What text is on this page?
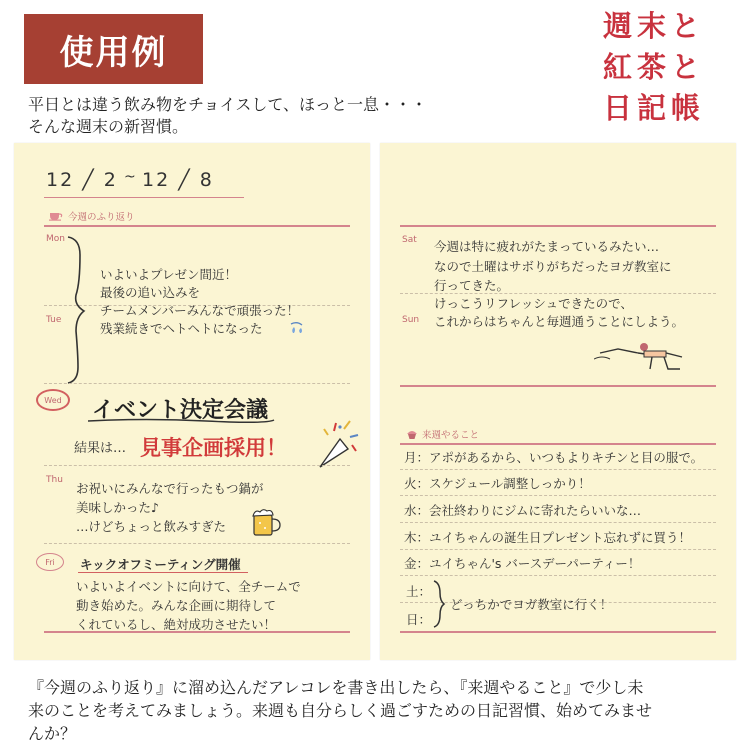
使用例
週末と
紅茶と
日記帳
平日とは違う飲み物をチョイスして、ほっと一息・・・
そんな週末の新習慣。
12 ╱ 2 ~ 12 ╱ 8
今週のふり返り
Mon
Tue
いよいよプレゼン間近！
最後の追い込みを
チームメンバーみんなで頑張った！
残業続きでヘトヘトになった
Wed イベント決定会議
結果は… 見事企画採用！
Thu
お祝いにみんなで行ったもつ鍋が
美味しかった♪
…けどちょっと飲みすぎた
Fri キックオフミーティング開催
いよいよイベントに向けて、全チームで
動き始めた。みんな企画に期待して
くれているし、絶対成功させたい！
Sat 今週は特に疲れがたまっているみたい…
なので土曜はサボりがちだったヨガ教室に
行ってきた。
けっこうリフレッシュできたので、
Sun これからはちゃんと毎週通うことにしよう。
来週やること
月：アポがあるから、いつもよりキチンと目の服で。
火：スケジュール調整しっかり！
水：会社終わりにジムに寄れたらいいな…
木：ユイちゃんの誕生日プレゼント忘れずに買う！
金：ユイちゃん's バースデーパーティー！
土：
日：
どっちかでヨガ教室に行く！
『今週のふり返り』に溜め込んだアレコレを書き出したら、『来週やること』で少し未
来のことを考えてみましょう。来週も自分らしく過ごすための日記習慣、始めてみませ
んか？
